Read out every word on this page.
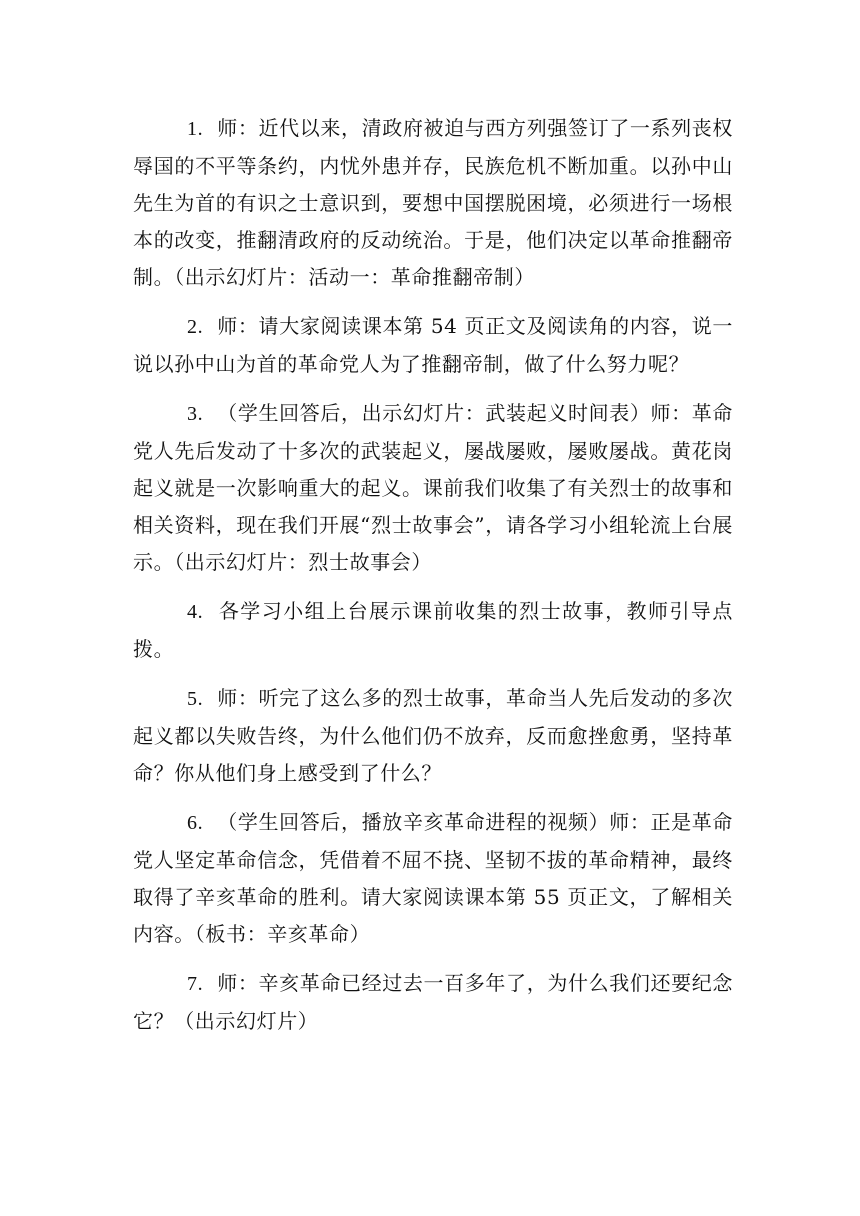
1. 师：近代以来，清政府被迫与西方列强签订了一系列丧权辱国的不平等条约，内忧外患并存，民族危机不断加重。以孙中山先生为首的有识之士意识到，要想中国摆脱困境，必须进行一场根本的改变，推翻清政府的反动统治。于是，他们决定以革命推翻帝制。（出示幻灯片：活动一：革命推翻帝制）

2. 师：请大家阅读课本第 54 页正文及阅读角的内容，说一说以孙中山为首的革命党人为了推翻帝制，做了什么努力呢？

3. （学生回答后，出示幻灯片：武装起义时间表）师：革命党人先后发动了十多次的武装起义，屡战屡败，屡败屡战。黄花岗起义就是一次影响重大的起义。课前我们收集了有关烈士的故事和相关资料，现在我们开展“烈士故事会”，请各学习小组轮流上台展示。（出示幻灯片：烈士故事会）

4. 各学习小组上台展示课前收集的烈士故事，教师引导点拨。

5. 师：听完了这么多的烈士故事，革命当人先后发动的多次起义都以失败告终，为什么他们仍不放弃，反而愈挫愈勇，坚持革命？你从他们身上感受到了什么？

6. （学生回答后，播放辛亥革命进程的视频）师：正是革命党人坚定革命信念，凭借着不屈不挠、坚韧不拔的革命精神，最终取得了辛亥革命的胜利。请大家阅读课本第 55 页正文，了解相关内容。（板书：辛亥革命）

7. 师：辛亥革命已经过去一百多年了，为什么我们还要纪念它？（出示幻灯片）
